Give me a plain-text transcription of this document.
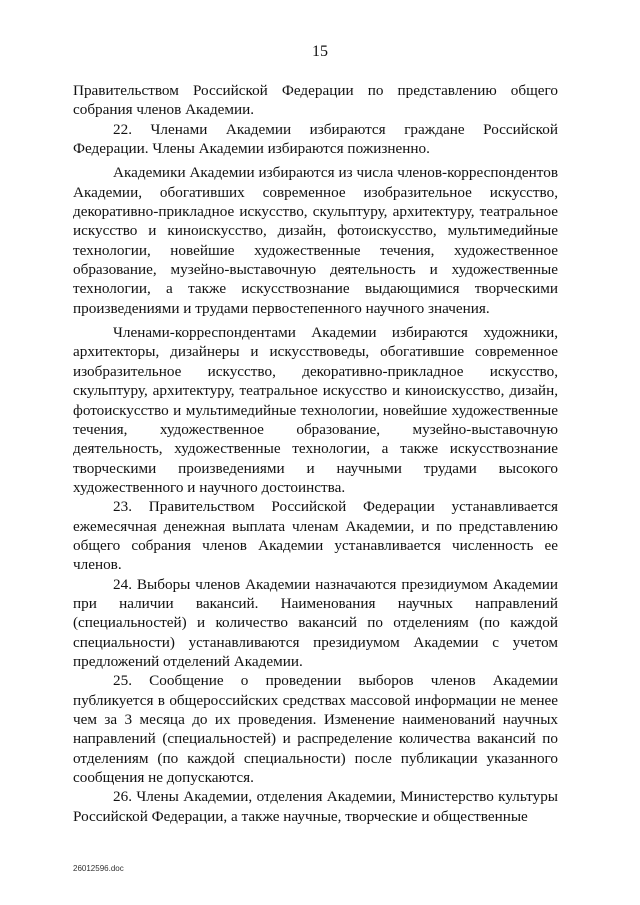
15

Правительством Российской Федерации по представлению общего собрания членов Академии.

22. Членами Академии избираются граждане Российской Федерации. Члены Академии избираются пожизненно.

Академики Академии избираются из числа членов-корреспондентов Академии, обогативших современное изобразительное искусство, декоративно-прикладное искусство, скульптуру, архитектуру, театральное искусство и киноискусство, дизайн, фотоискусство, мультимедийные технологии, новейшие художественные течения, художественное образование, музейно-выставочную деятельность и художественные технологии, а также искусствознание выдающимися творческими произведениями и трудами первостепенного научного значения.

Членами-корреспондентами Академии избираются художники, архитекторы, дизайнеры и искусствоведы, обогатившие современное изобразительное искусство, декоративно-прикладное искусство, скульптуру, архитектуру, театральное искусство и киноискусство, дизайн, фотоискусство и мультимедийные технологии, новейшие художественные течения, художественное образование, музейно-выставочную деятельность, художественные технологии, а также искусствознание творческими произведениями и научными трудами высокого художественного и научного достоинства.

23. Правительством Российской Федерации устанавливается ежемесячная денежная выплата членам Академии, и по представлению общего собрания членов Академии устанавливается численность ее членов.

24. Выборы членов Академии назначаются президиумом Академии при наличии вакансий. Наименования научных направлений (специальностей) и количество вакансий по отделениям (по каждой специальности) устанавливаются президиумом Академии с учетом предложений отделений Академии.

25. Сообщение о проведении выборов членов Академии публикуется в общероссийских средствах массовой информации не менее чем за 3 месяца до их проведения. Изменение наименований научных направлений (специальностей) и распределение количества вакансий по отделениям (по каждой специальности) после публикации указанного сообщения не допускаются.

26. Члены Академии, отделения Академии, Министерство культуры Российской Федерации, а также научные, творческие и общественные

26012596.doc
